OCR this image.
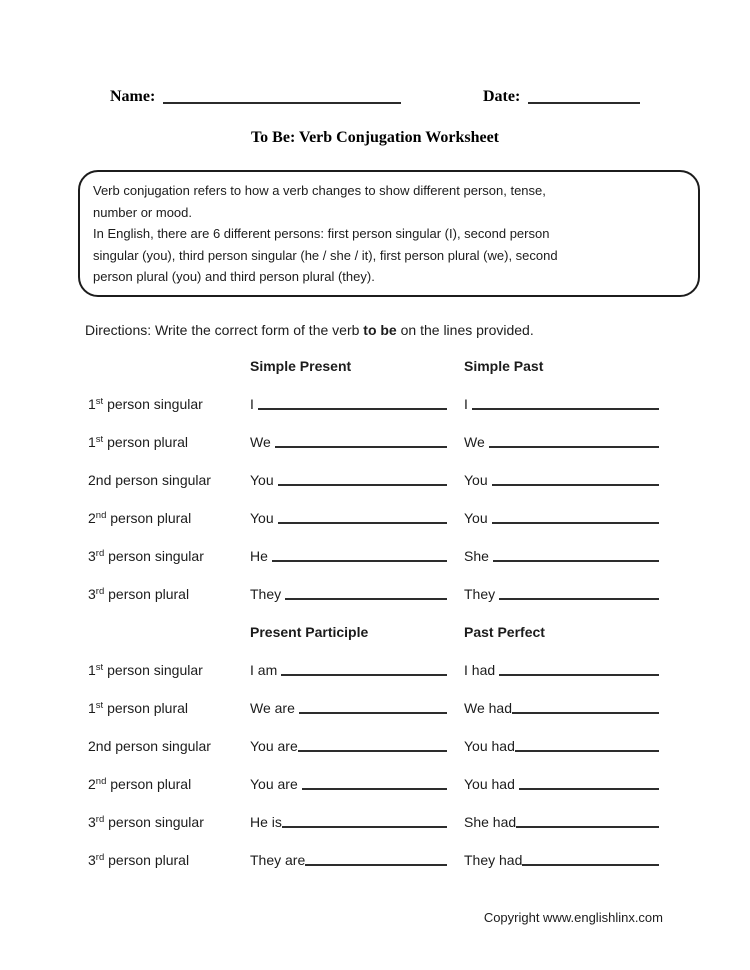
Name:	Date:
To Be: Verb Conjugation Worksheet
Verb conjugation refers to how a verb changes to show different person, tense,
number or mood.
In English, there are 6 different persons: first person singular (I), second person
singular (you), third person singular (he / she / it), first person plural (we), second
person plural (you) and third person plural (they).
Directions: Write the correct form of the verb to be on the lines provided.
Simple Present	Simple Past
1st person singular	I	I
1st person plural	We	We
2nd person singular	You	You
2nd person plural	You	You
3rd person singular	He	She
3rd person plural	They	They
Present Participle	Past Perfect
1st person singular	I am	I had
1st person plural	We are	We had
2nd person singular	You are	You had
2nd person plural	You are	You had
3rd person singular	He is	She had
3rd person plural	They are	They had
Copyright www.englishlinx.com
